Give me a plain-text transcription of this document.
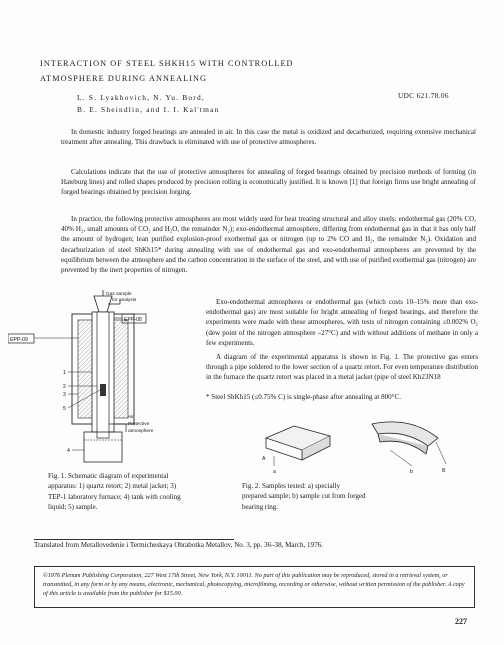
INTERACTION OF STEEL SHKH15 WITH CONTROLLED
ATMOSPHERE DURING ANNEALING
L. S. Lyakhovich, N. Yu. Bord,
B. E. Sheindlin, and I. I. Kal'tman
UDC 621.78.06

In domestic industry forged bearings are annealed in air. In this case the metal is oxidized and decarburized, requiring extensive mechanical treatment after annealing. This drawback is eliminated with use of protective atmospheres.

Calculations indicate that the use of protective atmospheres for annealing of forged bearings obtained by precision methods of forming (in Hateburg lines) and rolled shapes produced by precision rolling is economically justified. It is known [1] that foreign firms use bright annealing of forged bearings obtained by precision forging.

In practice, the following protective atmospheres are most widely used for heat treating structural and alloy steels: endothermal gas (20% CO, 40% H₂, small amounts of CO₂ and H₂O, the remainder N₂); exo-endothermal atmosphere, differing from endothermal gas in that it has only half the amount of hydrogen; lean purified explosion-proof exothermal gas or nitrogen (up to 2% CO and H₂, the remainder N₂). Oxidation and decarburization of steel ShKh15* during annealing with use of endothermal gas and exo-endothermal atmospheres are prevented by the equilibrium between the atmosphere and the carbon concentration in the surface of the steel, and with use of purified exothermal gas (nitrogen) are prevented by the inert properties of nitrogen.

Gas sample
for analysis
EPP-08
EPP-09
Air
Protective
atmosphere
1
2
3
4
5

Fig. 1. Schematic diagram of experimental apparatus: 1) quartz retort; 2) metal jacket; 3) TEP-1 laboratory furnace; 4) tank with cooling liquid; 5) sample.

Exo-endothermal atmospheres or endothermal gas (which costs 10–15% more than exo-endothermal gas) are most suitable for bright annealing of forged bearings, and therefore the experiments were made with these atmospheres, with tests of nitrogen containing ≤0.002% O₂ (dew point of the nitrogen atmosphere –27°C) and with without additions of methane in only a few experiments.

A diagram of the experimental apparatus is shown in Fig. 1. The protective gas enters through a pipe soldered to the lower section of a quartz retort. For even temperature distribution in the furnace the quartz retort was placed in a metal jacket (pipe of steel Kh23N18

* Steel ShKh15 (≤0.75% C) is single-phase after annealing at 800°C.

a
A
b	B

Fig. 2. Samples tested: a) specially prepared sample; b) sample cut from forged bearing ring.

Translated from Metallovedenie i Termicheskaya Obrabotka Metallov, No. 3, pp. 36–38, March, 1976.

©1976 Plenum Publishing Corporation, 227 West 17th Street, New York, N.Y. 10011. No part of this publication may be reproduced, stored in a retrieval system, or transmitted, in any form or by any means, electronic, mechanical, photocopying, microfilming, recording or otherwise, without written permission of the publisher. A copy of this article is available from the publisher for $15.00.
227
